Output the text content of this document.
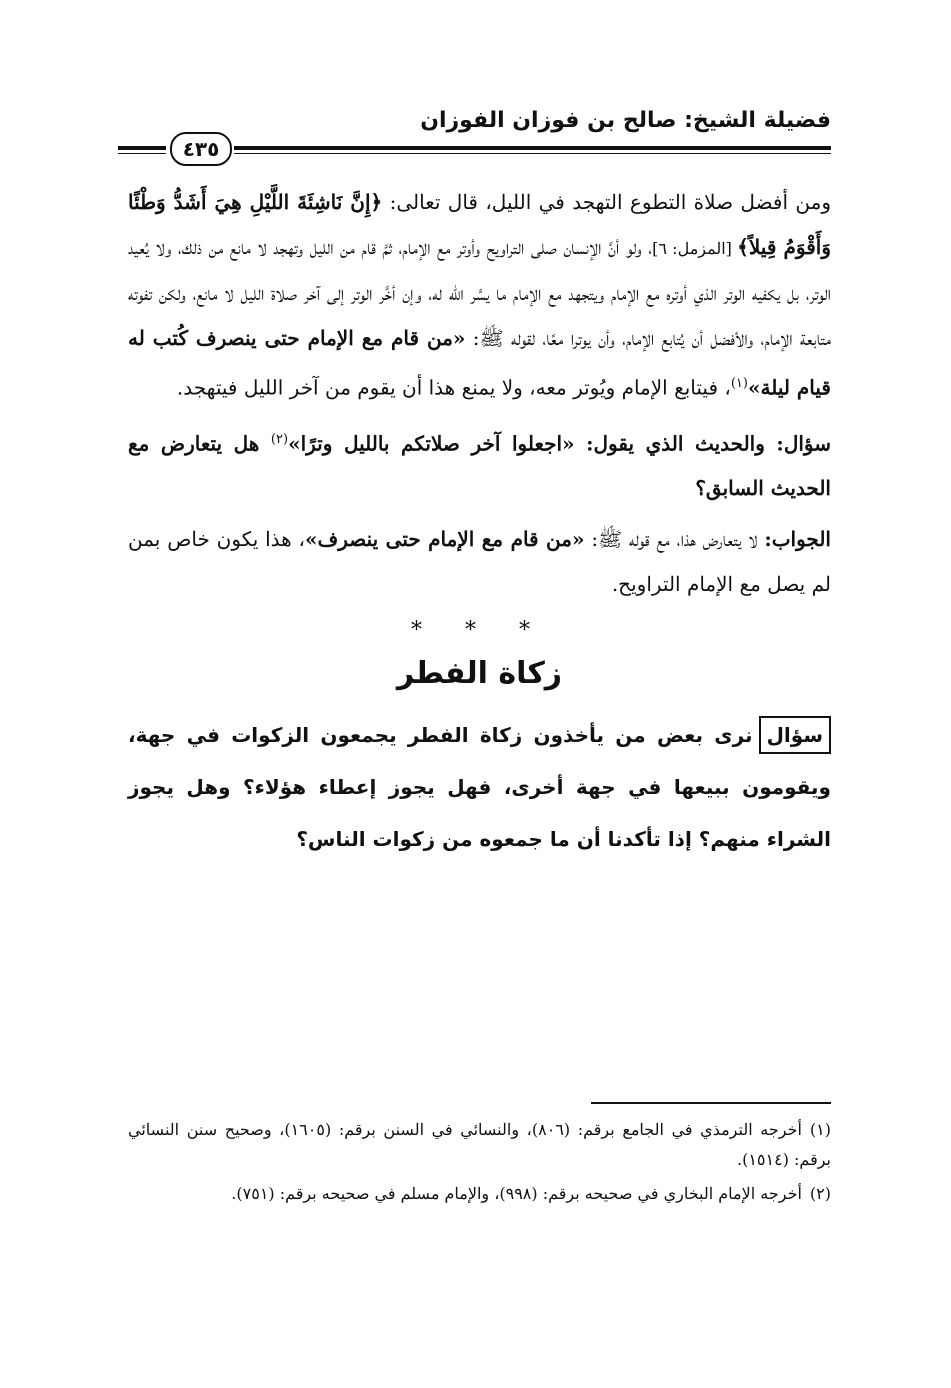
فضيلة الشيخ: صالح بن فوزان الفوزان
٤٣٥

ومن أفضل صلاة التطوع التهجد في الليل، قال تعالى: ﴿إِنَّ نَاشِئَةَ اللَّيْلِ هِيَ أَشَدُّ وَطْئًا وَأَقْوَمُ قِيلاً﴾ [المزمل: ٦]، ولو أنَّ الإنسان صلى التراويح وأوتر مع الإمام، ثمَّ قام من الليل وتهجد لا مانع من ذلك، ولا يُعيد الوتر، بل يكفيه الوتر الذي أوتره مع الإمام ويتجهد مع الإمام ما يسَّر الله له، وإن أخَّر الوتر إلى آخر صلاة الليل لا مانع، ولكن تفوته متابعة الإمام، والأفضل أن يُتابع الإمام، وأن يوترا معًا، لقوله ﷺ: «من قام مع الإمام حتى ينصرف كُتب له قيام ليلة»$^{(١)}$، فيتابع الإمام ويُوتر معه، ولا يمنع هذا أن يقوم من آخر الليل فيتهجد.

سؤال: والحديث الذي يقول: «اجعلوا آخر صلاتكم بالليل وترًا»$^{(٢)}$ هل يتعارض مع الحديث السابق؟

الجواب: لا يتعارض هذا، مع قوله ﷺ: «من قام مع الإمام حتى ينصرف»، هذا يكون خاص بمن لم يصل مع الإمام التراويح.

* * *
زكاة الفطر

سؤالنرى بعض من يأخذون زكاة الفطر يجمعون الزكوات في جهة، ويقومون ببيعها في جهة أخرى، فهل يجوز إعطاء هؤلاء؟ وهل يجوز الشراء منهم؟ إذا تأكدنا أن ما جمعوه من زكوات الناس؟

(١)أخرجه الترمذي في الجامع برقم: (٨٠٦)، والنسائي في السنن برقم: (١٦٠٥)، وصحيح سنن النسائي برقم: (١٥١٤).

(٢)أخرجه الإمام البخاري في صحيحه برقم: (٩٩٨)، والإمام مسلم في صحيحه برقم: (٧٥١).
